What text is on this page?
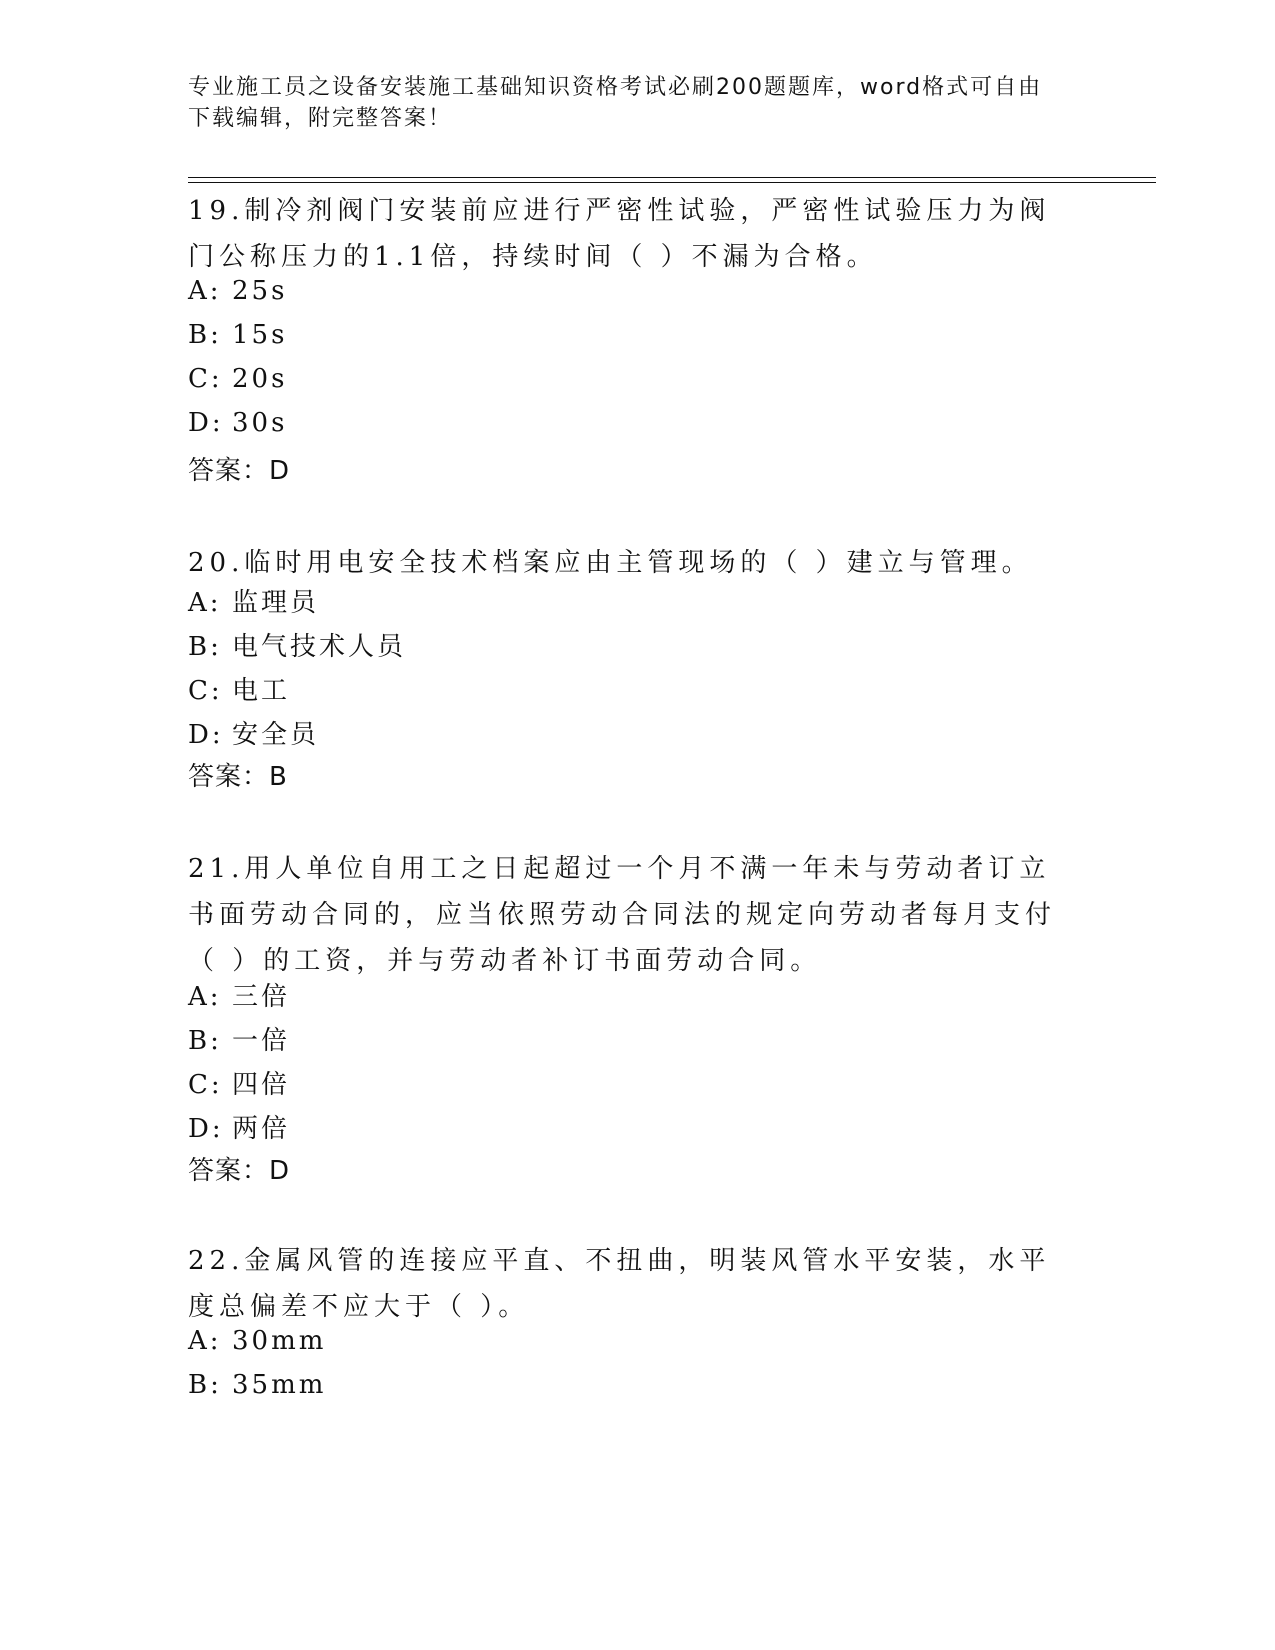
专业施工员之设备安装施工基础知识资格考试必刷200题题库，word格式可自由
下载编辑，附完整答案！
19.制冷剂阀门安装前应进行严密性试验，严密性试验压力为阀门公称压力的1.1倍，持续时间（ ）不漏为合格。
A: 25s
B: 15s
C: 20s
D: 30s
答案：D
20.临时用电安全技术档案应由主管现场的（ ）建立与管理。
A: 监理员
B: 电气技术人员
C: 电工
D: 安全员
答案：B
21.用人单位自用工之日起超过一个月不满一年未与劳动者订立书面劳动合同的，应当依照劳动合同法的规定向劳动者每月支付（ ）的工资，并与劳动者补订书面劳动合同。
A: 三倍
B: 一倍
C: 四倍
D: 两倍
答案：D
22.金属风管的连接应平直、不扭曲，明装风管水平安装，水平度总偏差不应大于（ ）。
A: 30mm
B: 35mm
